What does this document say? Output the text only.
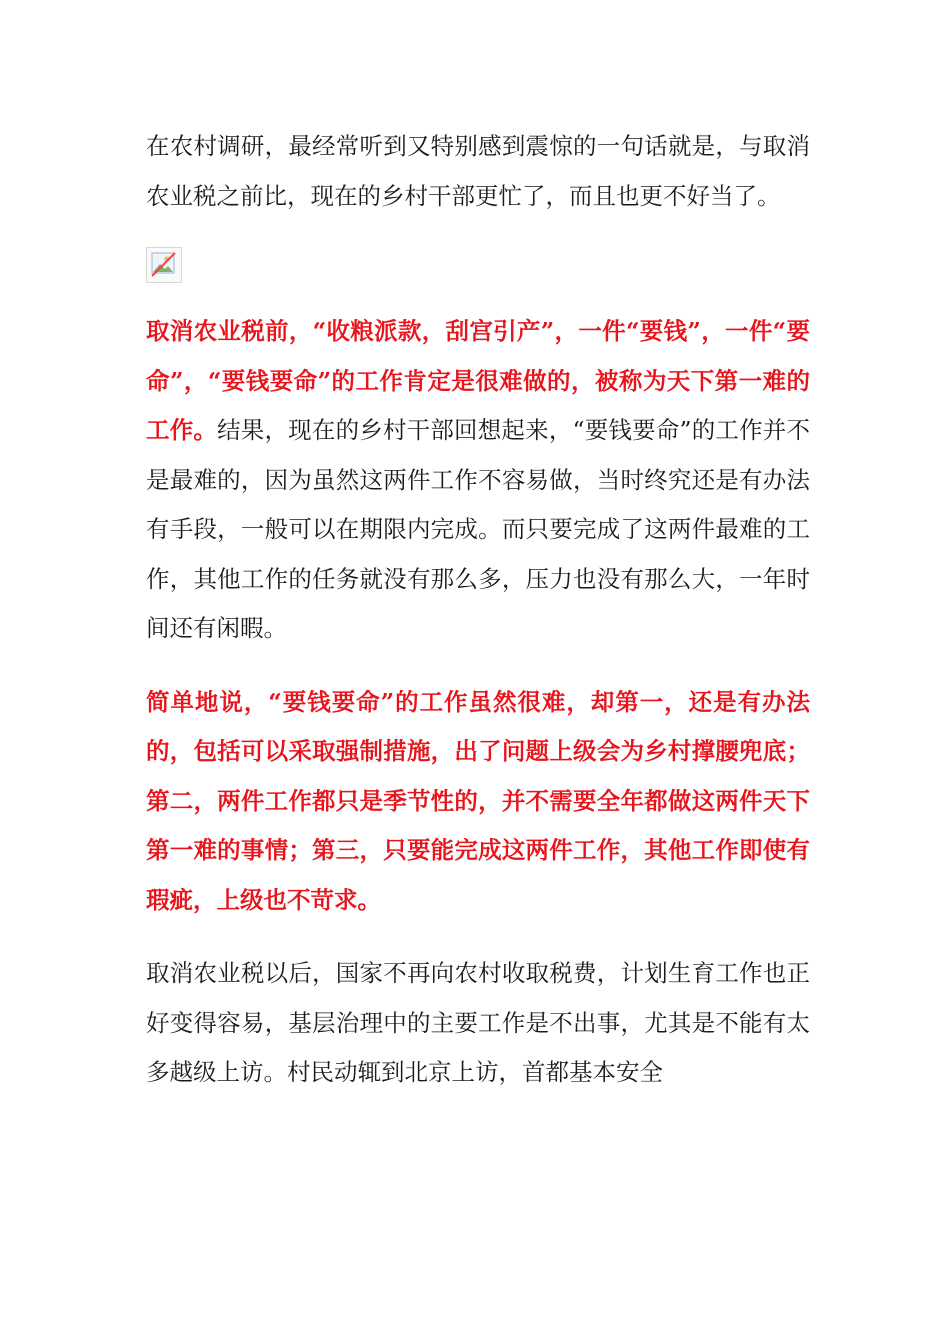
在农村调研，最经常听到又特别感到震惊的一句话就是，与取消农业税之前比，现在的乡村干部更忙了，而且也更不好当了。

取消农业税前，“收粮派款，刮宫引产”，一件“要钱”，一件“要命”，“要钱要命”的工作肯定是很难做的，被称为天下第一难的工作。结果，现在的乡村干部回想起来，“要钱要命”的工作并不是最难的，因为虽然这两件工作不容易做，当时终究还是有办法有手段，一般可以在期限内完成。而只要完成了这两件最难的工作，其他工作的任务就没有那么多，压力也没有那么大，一年时间还有闲暇。

简单地说，“要钱要命”的工作虽然很难，却第一，还是有办法的，包括可以采取强制措施，出了问题上级会为乡村撑腰兜底；第二，两件工作都只是季节性的，并不需要全年都做这两件天下第一难的事情；第三，只要能完成这两件工作，其他工作即使有瑕疵，上级也不苛求。

取消农业税以后，国家不再向农村收取税费，计划生育工作也正好变得容易，基层治理中的主要工作是不出事，尤其是不能有太多越级上访。村民动辄到北京上访，首都基本安全
